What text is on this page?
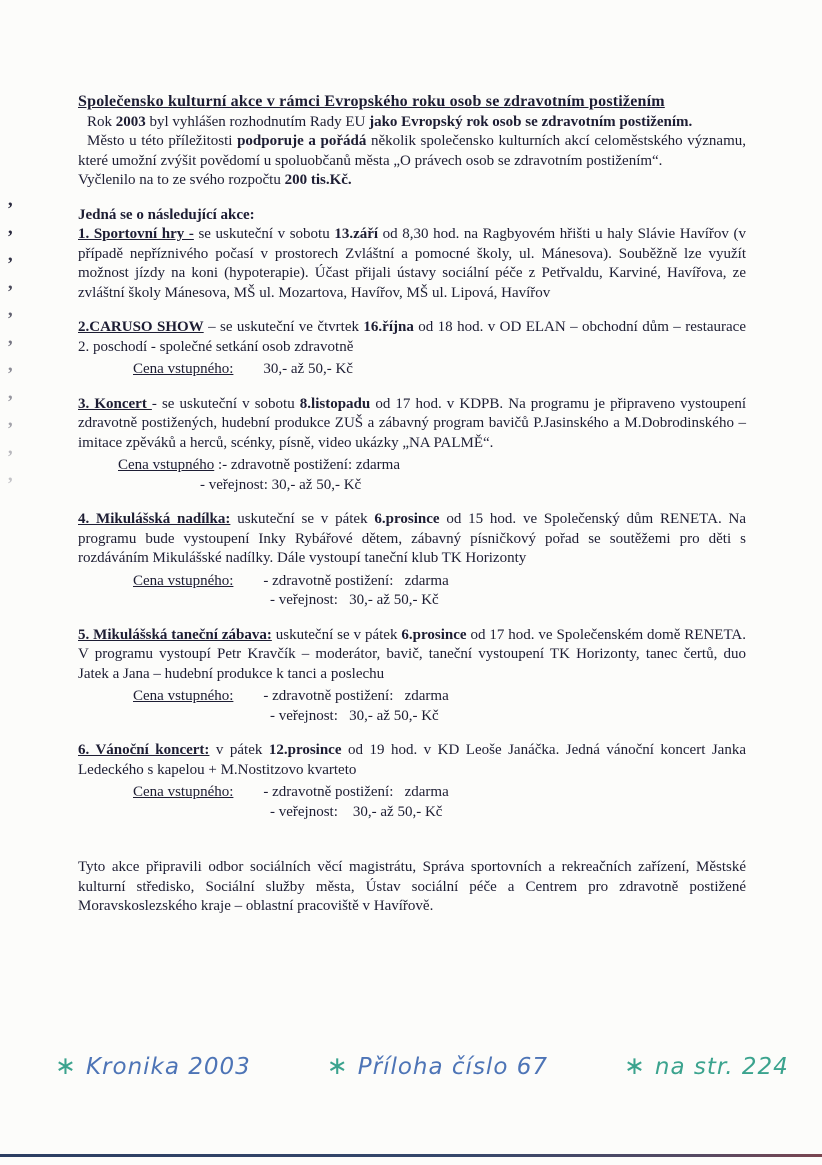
’
’
’
’
’
’
’
’
’
’
’

Společensko kulturní akce v rámci Evropského roku osob se zdravotním postižením

Rok 2003 byl vyhlášen rozhodnutím Rady EU jako Evropský rok osob se zdravotním postižením.

Město u této příležitosti podporuje a pořádá několik společensko kulturních akcí celoměstského významu, které umožní zvýšit povědomí u spoluobčanů města „O právech osob se zdravotním postižením“.

Vyčlenilo na to ze svého rozpočtu 200 tis.Kč.

Jedná se o následující akce:

1. Sportovní hry - se uskuteční v sobotu 13.září od 8,30 hod. na Ragbyovém hřišti u haly Slávie Havířov (v případě nepříznivého počasí v prostorech Zvláštní a pomocné školy, ul. Mánesova). Souběžně lze využít možnost jízdy na koni (hypoterapie). Účast přijali ústavy sociální péče z Petřvaldu, Karviné, Havířova, ze zvláštní školy Mánesova, MŠ ul. Mozartova, Havířov, MŠ ul. Lipová, Havířov

2.CARUSO SHOW – se uskuteční ve čtvrtek 16.října od 18 hod. v OD ELAN – obchodní dům – restaurace 2. poschodí - společné setkání osob zdravotně

Cena vstupného:        30,- až 50,- Kč

3. Koncert - se uskuteční v sobotu 8.listopadu od 17 hod. v KDPB. Na programu je připraveno vystoupení zdravotně postižených, hudební produkce ZUŠ a zábavný program bavičů P.Jasinského a M.Dobrodinského – imitace zpěváků a herců, scénky, písně, video ukázky „NA PALMĚ“.

Cena vstupného :- zdravotně postižení: zdarma

- veřejnost: 30,- až 50,- Kč

4. Mikulášská nadílka: uskuteční se v pátek 6.prosince od 15 hod. ve Společenský dům RENETA. Na programu bude vystoupení Inky Rybářové dětem, zábavný písničkový pořad se soutěžemi pro děti s rozdáváním Mikulášské nadílky. Dále vystoupí taneční klub TK Horizonty

Cena vstupného:        - zdravotně postižení:   zdarma

- veřejnost:   30,- až 50,- Kč

5. Mikulášská taneční zábava: uskuteční se v pátek 6.prosince od 17 hod. ve Společenském domě RENETA. V programu vystoupí Petr Kravčík – moderátor, bavič, taneční vystoupení TK Horizonty, tanec čertů, duo Jatek a Jana – hudební produkce k tanci a poslechu

Cena vstupného:        - zdravotně postižení:   zdarma

- veřejnost:   30,- až 50,- Kč

6. Vánoční koncert: v pátek 12.prosince od 19 hod. v KD Leoše Janáčka. Jedná vánoční koncert Janka Ledeckého s kapelou + M.Nostitzovo kvarteto

Cena vstupného:        - zdravotně postižení:   zdarma

- veřejnost:    30,- až 50,- Kč

Tyto akce připravili odbor sociálních věcí magistrátu, Správa sportovních a rekreačních zařízení, Městské kulturní středisko, Sociální služby města, Ústav sociální péče a Centrem pro zdravotně postižené Moravskoslezského kraje – oblastní pracoviště v Havířově.

∗ Kronika 2003	∗ Příloha číslo 67	∗ na str. 224
